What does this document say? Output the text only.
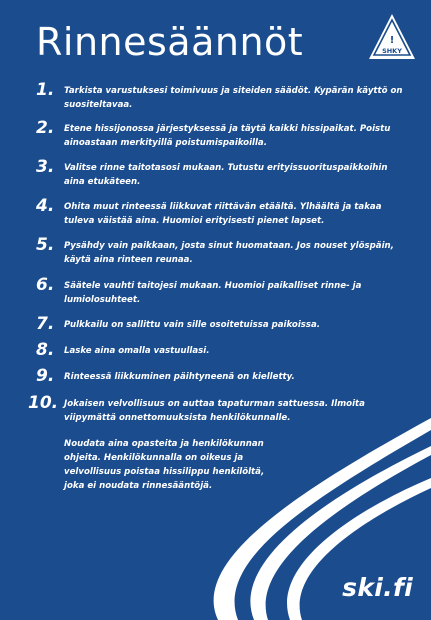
Rinnesäännöt	!
SHKY
1. Tarkista varustuksesi toimivuus ja siteiden säädöt. Kypärän käyttö on suositeltavaa.

2. Etene hissijonossa järjestyksessä ja täytä kaikki hissipaikat. Poistu ainoastaan merkityillä poistumispaikoilla.

3. Valitse rinne taitotasosi mukaan. Tutustu erityissuorituspaikkoihin aina etukäteen.

4. Ohita muut rinteessä liikkuvat riittävän etäältä. Ylhäältä ja takaa tuleva väistää aina. Huomioi erityisesti pienet lapset.

5. Pysähdy vain paikkaan, josta sinut huomataan. Jos nouset ylöspäin, käytä aina rinteen reunaa.

6. Säätele vauhti taitojesi mukaan. Huomioi paikalliset rinne- ja lumiolosuhteet.

7. Pulkkailu on sallittu vain sille osoitetuissa paikoissa.

8. Laske aina omalla vastuullasi.

9. Rinteessä liikkuminen päihtyneenä on kielletty.

10. Jokaisen velvollisuus on auttaa tapaturman sattuessa. Ilmoita viipymättä onnettomuuksista henkilökunnalle.

Noudata aina opasteita ja henkilökunnan ohjeita. Henkilökunnalla on oikeus ja velvollisuus poistaa hissilippu henkilöltä, joka ei noudata rinnesääntöjä.

ski.fi
